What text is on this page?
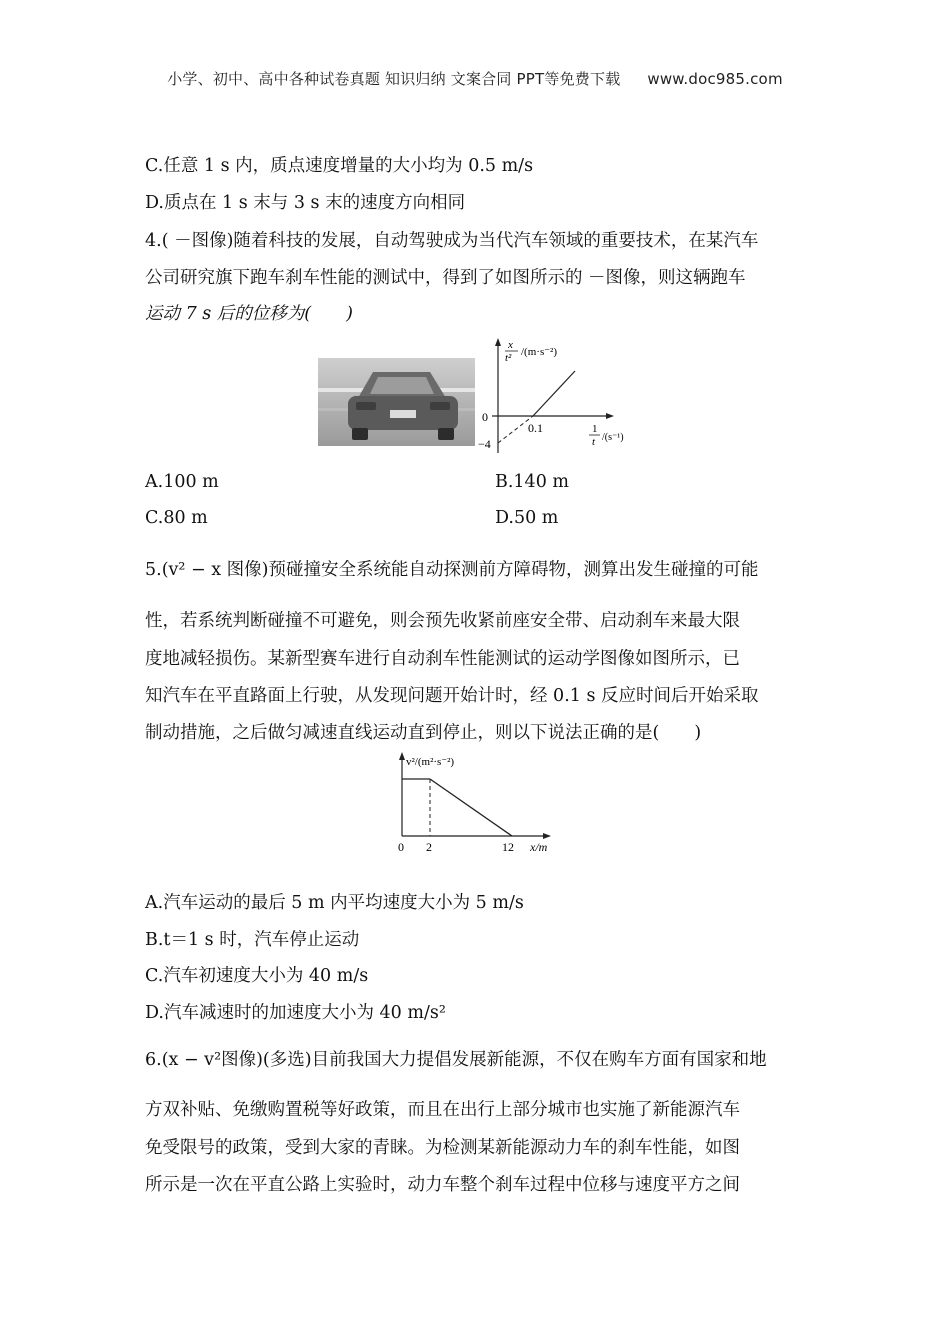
小学、初中、高中各种试卷真题 知识归纳 文案合同 PPT等免费下载 www.doc985.com
C.任意 1 s 内，质点速度增量的大小均为 0.5 m/s
D.质点在 1 s 末与 3 s 末的速度方向相同
4.( －图像)随着科技的发展，自动驾驶成为当代汽车领域的重要技术，在某汽车
公司研究旗下跑车刹车性能的测试中，得到了如图所示的 －图像，则这辆跑车
运动 7 s 后的位移为(　　)
x
t² /(m·s⁻²)
0
−4
0.1	1
t /(s⁻¹)
A.100 m	B.140 m
C.80 m	D.50 m
5.(v² − x 图像)预碰撞安全系统能自动探测前方障碍物，测算出发生碰撞的可能
性，若系统判断碰撞不可避免，则会预先收紧前座安全带、启动刹车来最大限
度地减轻损伤。某新型赛车进行自动刹车性能测试的运动学图像如图所示，已
知汽车在平直路面上行驶，从发现问题开始计时，经 0.1 s 反应时间后开始采取
制动措施，之后做匀减速直线运动直到停止，则以下说法正确的是(　　)
v²/(m²·s⁻²)
0 2	12 x/m
A.汽车运动的最后 5 m 内平均速度大小为 5 m/s
B.t＝1 s 时，汽车停止运动
C.汽车初速度大小为 40 m/s
D.汽车减速时的加速度大小为 40 m/s²
6.(x − v²图像)(多选)目前我国大力提倡发展新能源，不仅在购车方面有国家和地
方双补贴、免缴购置税等好政策，而且在出行上部分城市也实施了新能源汽车
免受限号的政策，受到大家的青睐。为检测某新能源动力车的刹车性能，如图
所示是一次在平直公路上实验时，动力车整个刹车过程中位移与速度平方之间
